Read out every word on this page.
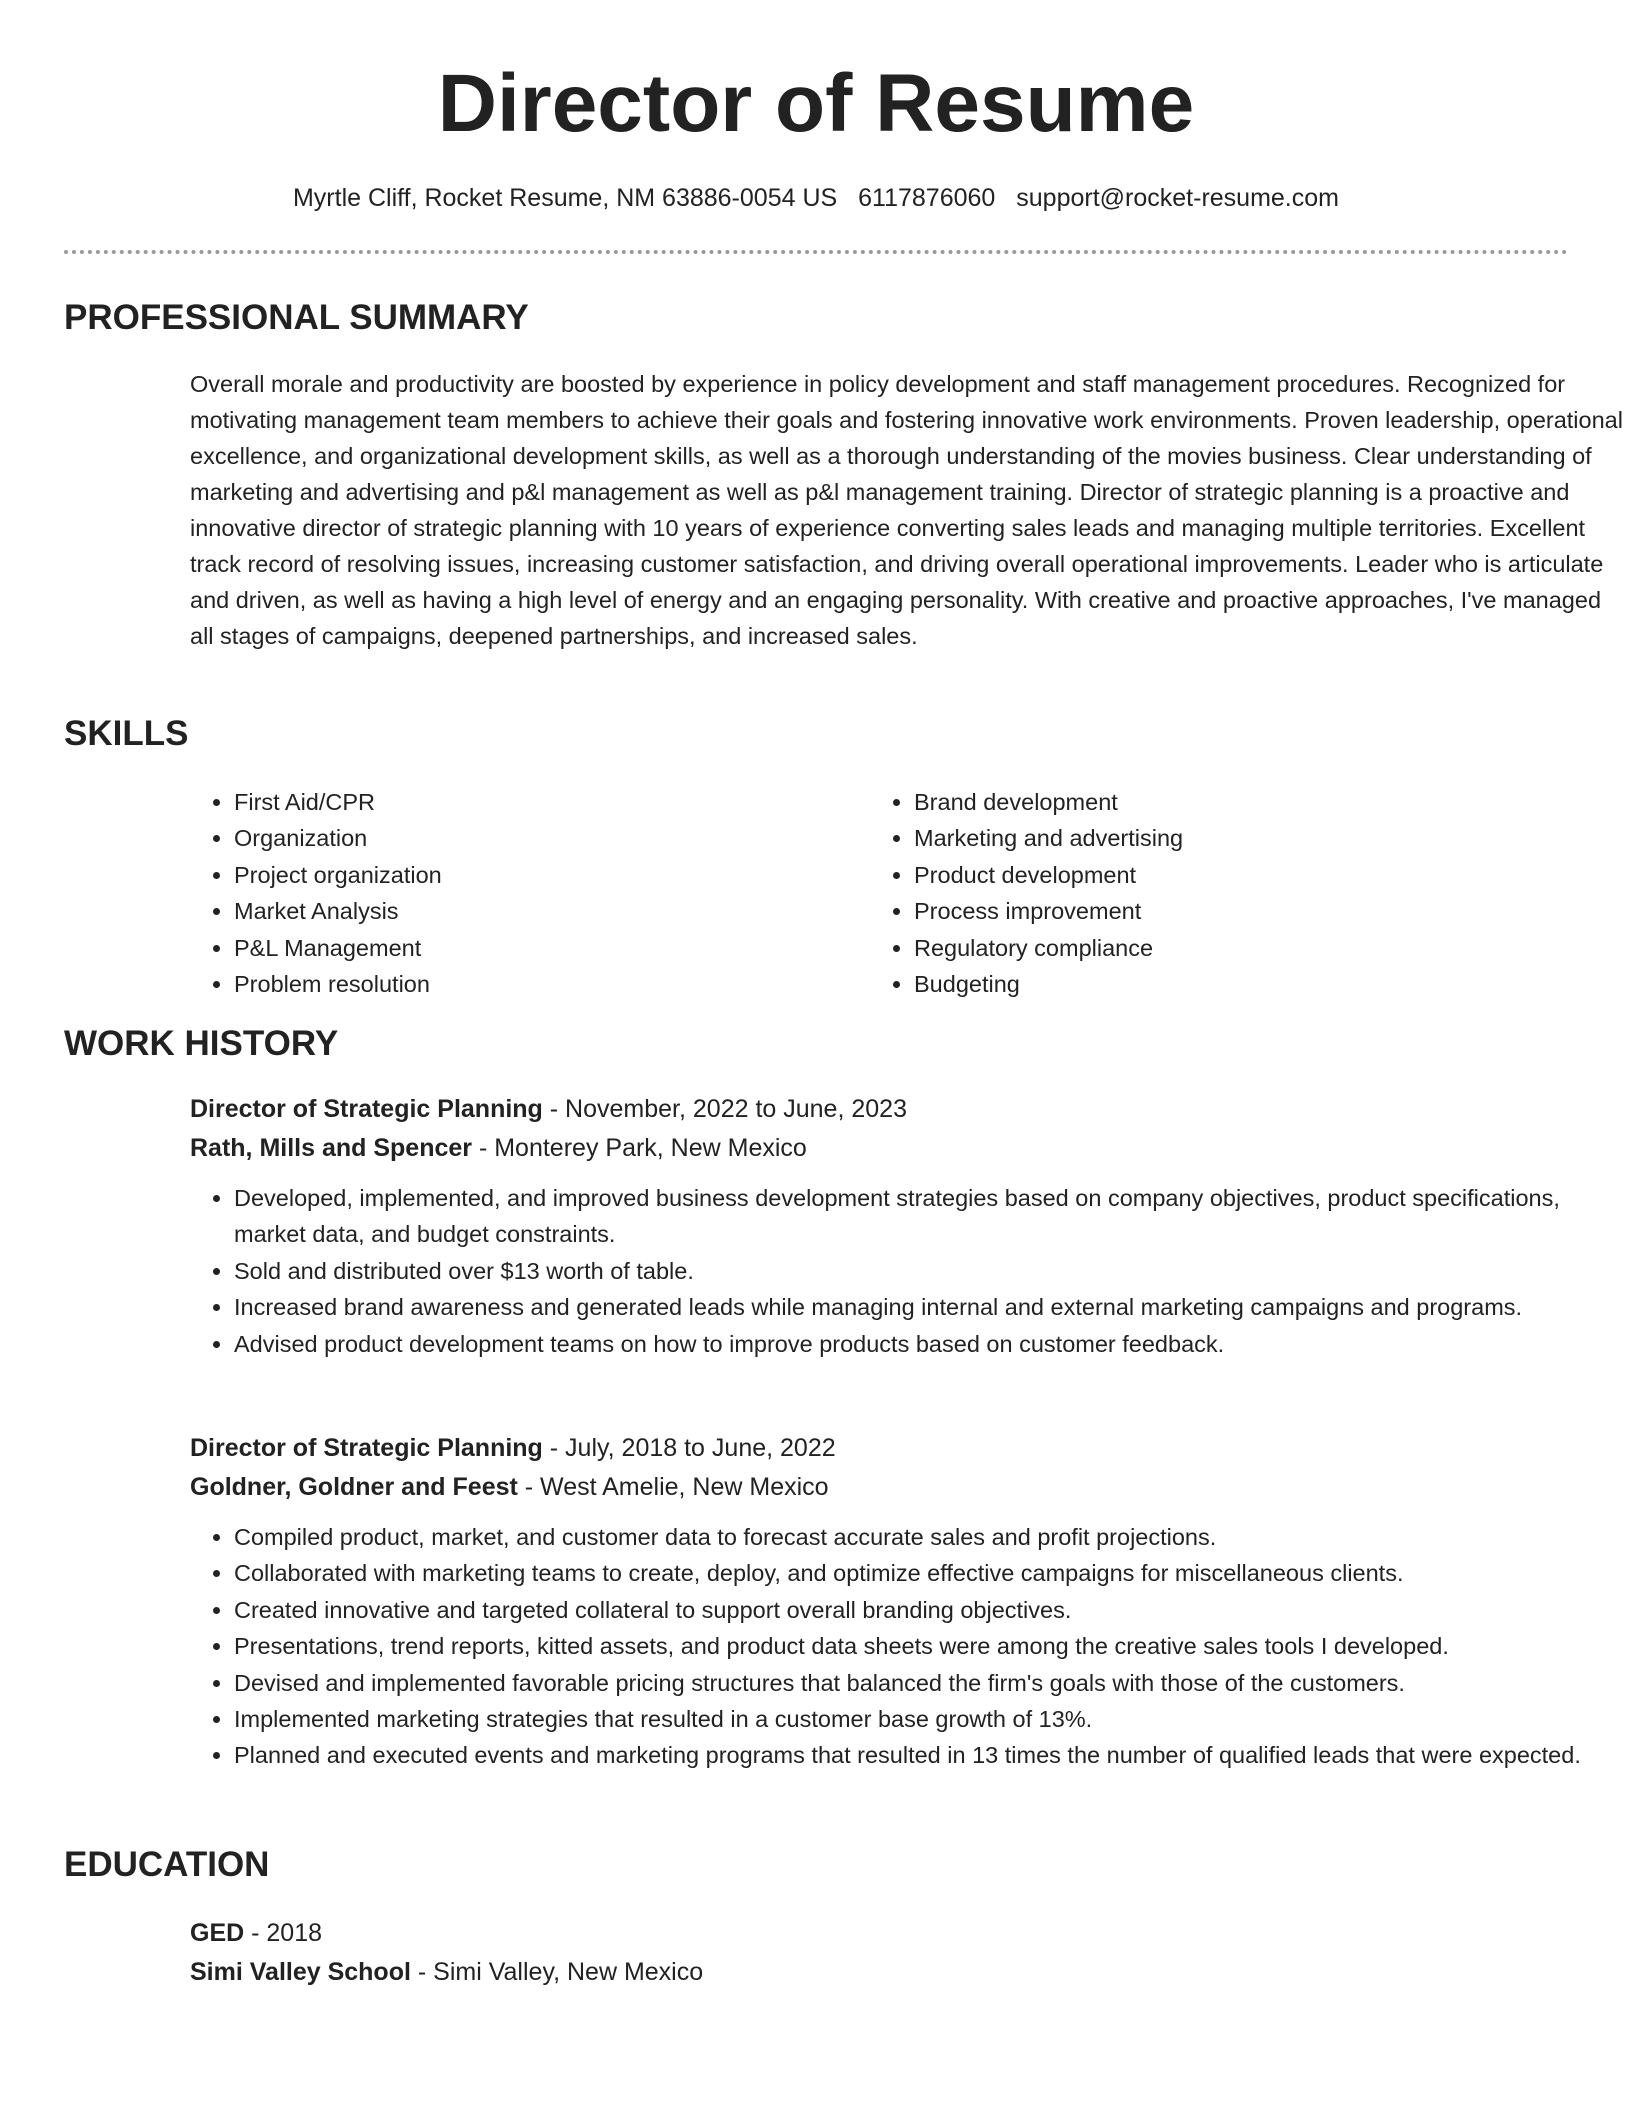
Director of Resume
Myrtle Cliff, Rocket Resume, NM 63886-0054 US 6117876060 support@rocket-resume.com
PROFESSIONAL SUMMARY

Overall morale and productivity are boosted by experience in policy development and staff management procedures. Recognized for motivating management team members to achieve their goals and fostering innovative work environments. Proven leadership, operational excellence, and organizational development skills, as well as a thorough understanding of the movies business. Clear understanding of marketing and advertising and p&l management as well as p&l management training. Director of strategic planning is a proactive and innovative director of strategic planning with 10 years of experience converting sales leads and managing multiple territories. Excellent track record of resolving issues, increasing customer satisfaction, and driving overall operational improvements. Leader who is articulate and driven, as well as having a high level of energy and an engaging personality. With creative and proactive approaches, I've managed all stages of campaigns, deepened partnerships, and increased sales.

SKILLS
• First Aid/CPR
• Organization
• Project organization
• Market Analysis
• P&L Management
• Problem resolution
• Brand development
• Marketing and advertising
• Product development
• Process improvement
• Regulatory compliance
• Budgeting
WORK HISTORY

Director of Strategic Planning - November, 2022 to June, 2023

Rath, Mills and Spencer - Monterey Park, New Mexico

• Developed, implemented, and improved business development strategies based on company objectives, product specifications, market data, and budget constraints.
• Sold and distributed over $13 worth of table.
• Increased brand awareness and generated leads while managing internal and external marketing campaigns and programs.
• Advised product development teams on how to improve products based on customer feedback.

Director of Strategic Planning - July, 2018 to June, 2022

Goldner, Goldner and Feest - West Amelie, New Mexico

• Compiled product, market, and customer data to forecast accurate sales and profit projections.
• Collaborated with marketing teams to create, deploy, and optimize effective campaigns for miscellaneous clients.
• Created innovative and targeted collateral to support overall branding objectives.
• Presentations, trend reports, kitted assets, and product data sheets were among the creative sales tools I developed.
• Devised and implemented favorable pricing structures that balanced the firm's goals with those of the customers.
• Implemented marketing strategies that resulted in a customer base growth of 13%.
• Planned and executed events and marketing programs that resulted in 13 times the number of qualified leads that were expected.
EDUCATION

GED - 2018

Simi Valley School - Simi Valley, New Mexico
